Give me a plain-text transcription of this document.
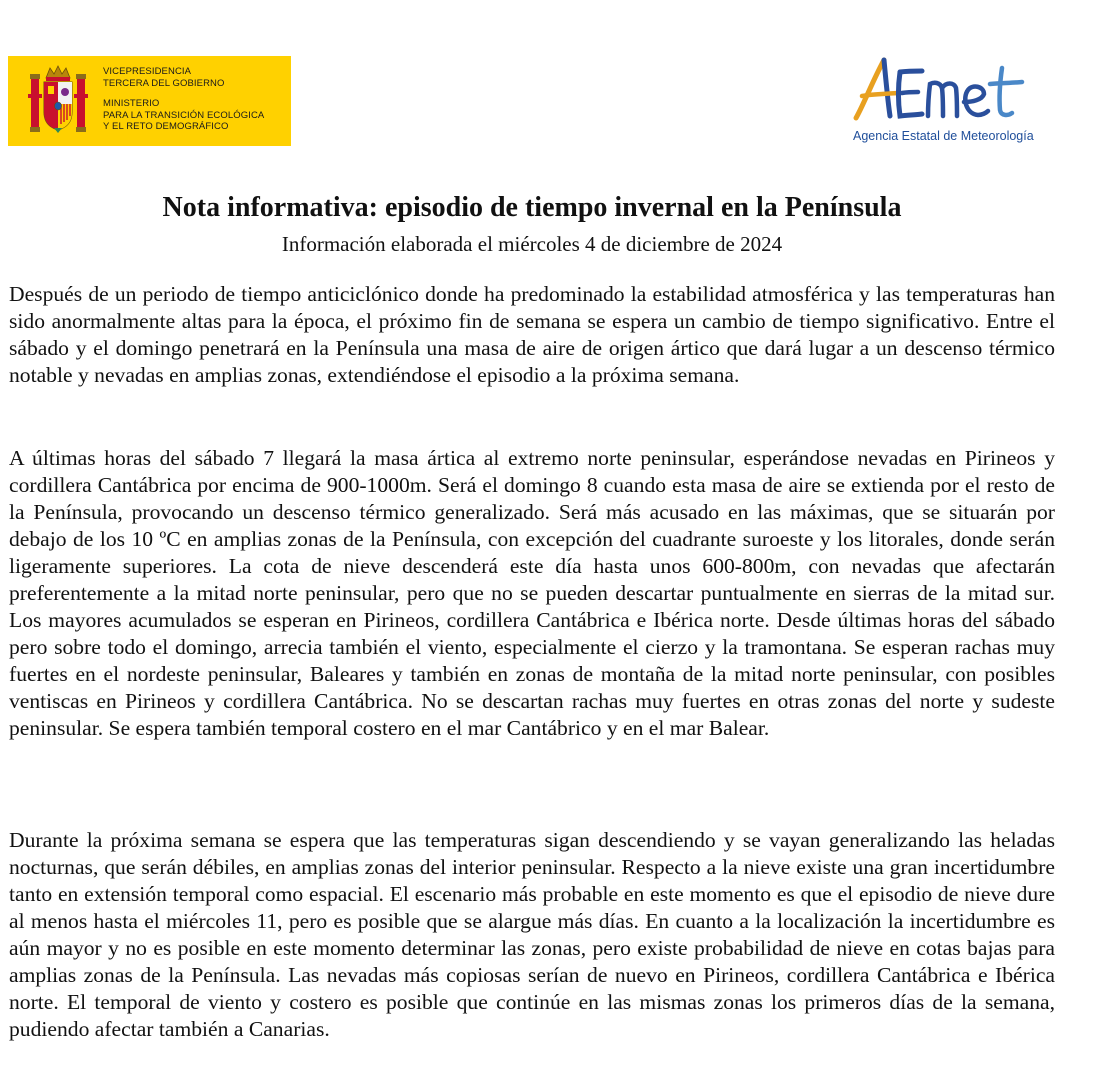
VICEPRESIDENCIA
TERCERA DEL GOBIERNO
MINISTERIO
PARA LA TRANSICIÓN ECOLÓGICA
Y EL RETO DEMOGRÁFICO
Agencia Estatal de Meteorología
Nota informativa: episodio de tiempo invernal en la Península
Información elaborada el miércoles 4 de diciembre de 2024

Después de un periodo de tiempo anticiclónico donde ha predominado la estabilidad atmosférica y las temperaturas han sido anormalmente altas para la época, el próximo fin de semana se espera un cambio de tiempo significativo. Entre el sábado y el domingo penetrará en la Península una masa de aire de origen ártico que dará lugar a un descenso térmico notable y nevadas en amplias zonas, extendiéndose el episodio a la próxima semana.

A últimas horas del sábado 7 llegará la masa ártica al extremo norte peninsular, esperándose nevadas en Pirineos y cordillera Cantábrica por encima de 900-1000m. Será el domingo 8 cuando esta masa de aire se extienda por el resto de la Península, provocando un descenso térmico generalizado. Será más acusado en las máximas, que se situarán por debajo de los 10 ºC en amplias zonas de la Península, con excepción del cuadrante suroeste y los litorales, donde serán ligeramente superiores. La cota de nieve descenderá este día hasta unos 600-800m, con nevadas que afectarán preferentemente a la mitad norte peninsular, pero que no se pueden descartar puntualmente en sierras de la mitad sur. Los mayores acumulados se esperan en Pirineos, cordillera Cantábrica e Ibérica norte. Desde últimas horas del sábado pero sobre todo el domingo, arrecia también el viento, especialmente el cierzo y la tramontana. Se esperan rachas muy fuertes en el nordeste peninsular, Baleares y también en zonas de montaña de la mitad norte peninsular, con posibles ventiscas en Pirineos y cordillera Cantábrica. No se descartan rachas muy fuertes en otras zonas del norte y sudeste peninsular. Se espera también temporal costero en el mar Cantábrico y en el mar Balear.

Durante la próxima semana se espera que las temperaturas sigan descendiendo y se vayan generalizando las heladas nocturnas, que serán débiles, en amplias zonas del interior peninsular. Respecto a la nieve existe una gran incertidumbre tanto en extensión temporal como espacial. El escenario más probable en este momento es que el episodio de nieve dure al menos hasta el miércoles 11, pero es posible que se alargue más días. En cuanto a la localización la incertidumbre es aún mayor y no es posible en este momento determinar las zonas, pero existe probabilidad de nieve en cotas bajas para amplias zonas de la Península. Las nevadas más copiosas serían de nuevo en Pirineos, cordillera Cantábrica e Ibérica norte. El temporal de viento y costero es posible que continúe en las mismas zonas los primeros días de la semana, pudiendo afectar también a Canarias.
